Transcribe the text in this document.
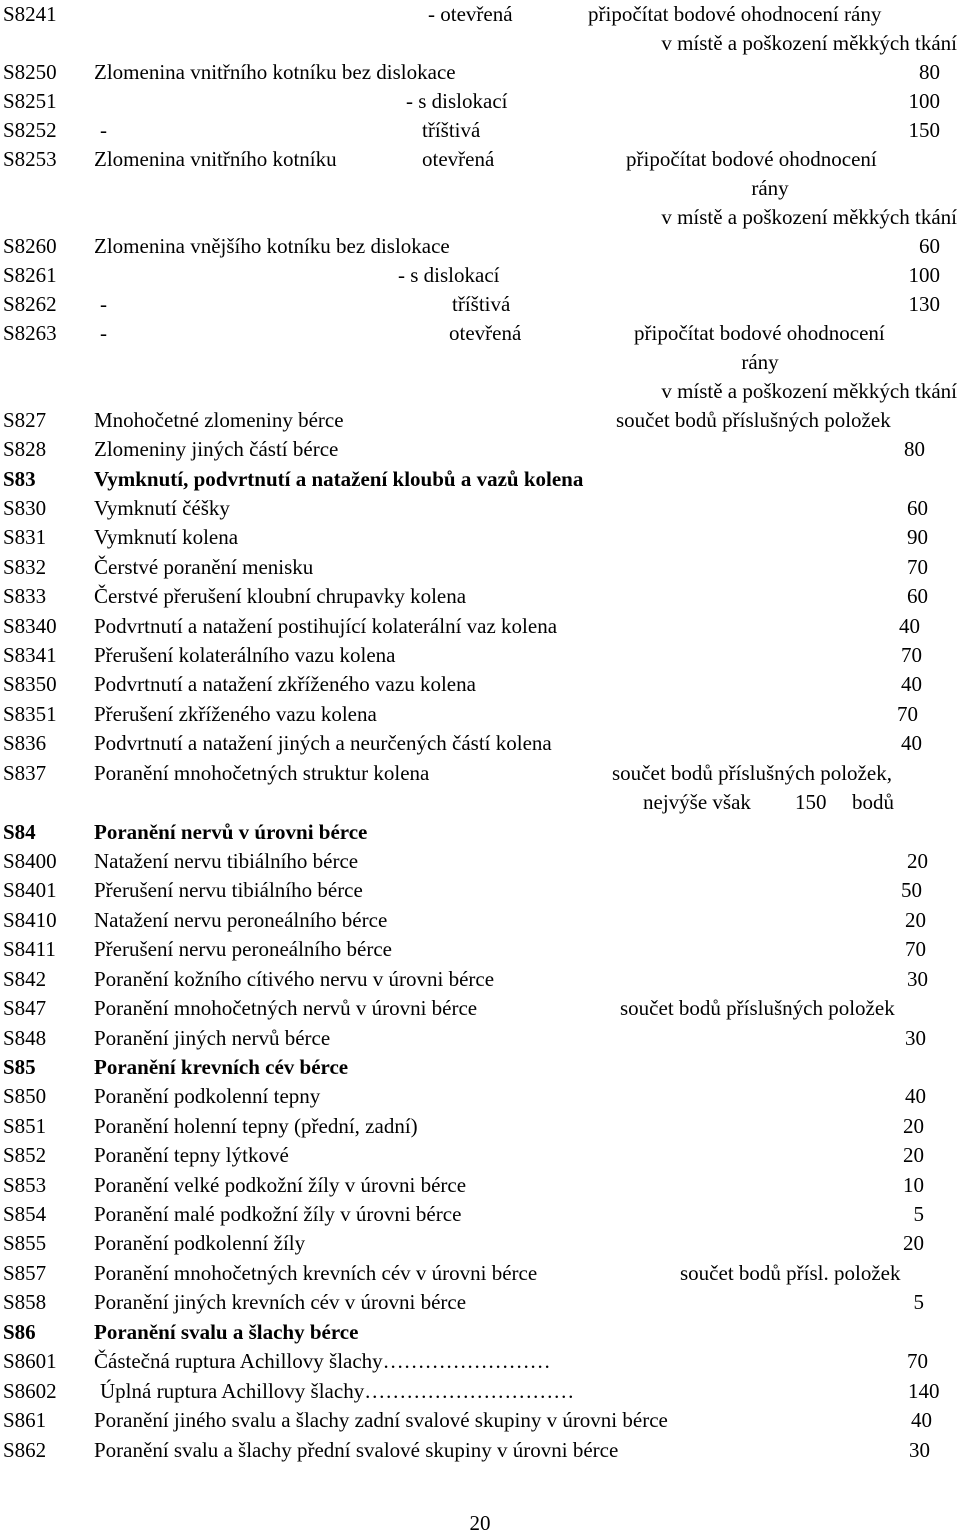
S8241	- otevřená	připočítat bodové ohodnocení rány
v místě a poškození měkkých tkání
S8250 Zlomenina vnitřního kotníku bez dislokace	80
S8251	- s dislokací	100
S8252 -	tříštivá	150
S8253 Zlomenina vnitřního kotníku	otevřená	připočítat bodové ohodnocení
rány
v místě a poškození měkkých tkání
S8260 Zlomenina vnějšího kotníku bez dislokace	60
S8261	- s dislokací	100
S8262 -	tříštivá	130
S8263 -	otevřená	připočítat bodové ohodnocení
rány
v místě a poškození měkkých tkání
S827 Mnohočetné zlomeniny bérce	součet bodů příslušných položek
S828 Zlomeniny jiných částí bérce	80
S83	Vymknutí, podvrtnutí a natažení kloubů a vazů kolena
S830 Vymknutí čéšky	60
S831 Vymknutí kolena	90
S832 Čerstvé poranění menisku	70
S833 Čerstvé přerušení kloubní chrupavky kolena	60
S8340 Podvrtnutí a natažení postihující kolaterální vaz kolena	40
S8341 Přerušení kolaterálního vazu kolena	70
S8350 Podvrtnutí a natažení zkříženého vazu kolena	40
S8351 Přerušení zkříženého vazu kolena	70
S836 Podvrtnutí a natažení jiných a neurčených částí kolena	40
S837 Poranění mnohočetných struktur kolena	součet bodů příslušných položek,
nejvýše však 150 bodů
S84	Poranění nervů v úrovni bérce
S8400 Natažení nervu tibiálního bérce	20
S8401 Přerušení nervu tibiálního bérce	50
S8410 Natažení nervu peroneálního bérce	20
S8411 Přerušení nervu peroneálního bérce	70
S842 Poranění kožního cítivého nervu v úrovni bérce	30
S847 Poranění mnohočetných nervů v úrovni bérce	součet bodů příslušných položek
S848 Poranění jiných nervů bérce	30
S85	Poranění krevních cév bérce
S850 Poranění podkolenní tepny	40
S851 Poranění holenní tepny (přední, zadní)	20
S852 Poranění tepny lýtkové	20
S853 Poranění velké podkožní žíly v úrovni bérce	10
S854 Poranění malé podkožní žíly v úrovni bérce	5
S855 Poranění podkolenní žíly	20
S857 Poranění mnohočetných krevních cév v úrovni bérce	součet bodů přísl. položek
S858 Poranění jiných krevních cév v úrovni bérce	5
S86	Poranění svalu a šlachy bérce
S8601 Částečná ruptura Achillovy šlachy……………………	70
S8602 Úplná ruptura Achillovy šlachy…………………………	140
S861 Poranění jiného svalu a šlachy zadní svalové skupiny v úrovni bérce	40
S862 Poranění svalu a šlachy přední svalové skupiny v úrovni bérce	30
20
